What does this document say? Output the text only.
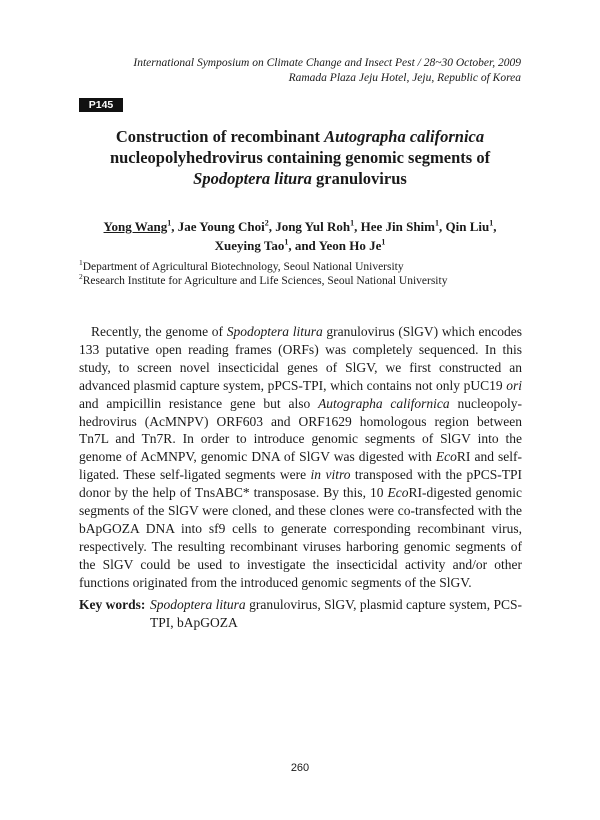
International Symposium on Climate Change and Insect Pest / 28~30 October, 2009
Ramada Plaza Jeju Hotel, Jeju, Republic of Korea
P145
Construction of recombinant Autographa californica
nucleopolyhedrovirus containing genomic segments of
Spodoptera litura granulovirus
Yong Wang$^1$, Jae Young Choi$^2$, Jong Yul Roh$^1$, Hee Jin Shim$^1$, Qin Liu$^1$,
Xueying Tao$^1$, and Yeon Ho Je$^1$
$^1$Department of Agricultural Biotechnology, Seoul National University
$^2$Research Institute for Agriculture and Life Sciences, Seoul National University

Recently, the genome of Spodoptera litura granulovirus (SlGV) which encodes 133 putative open reading frames (ORFs) was completely sequenced. In this study, to screen novel insecticidal genes of SlGV, we first constructed an advanced plasmid capture system, pPCS-TPI, which contains not only pUC19 ori and ampicillin resistance gene but also Autographa californica nucleopoly-hedrovirus (AcMNPV) ORF603 and ORF1629 homologous region between Tn7L and Tn7R. In order to introduce genomic segments of SlGV into the genome of AcMNPV, genomic DNA of SlGV was digested with EcoRI and self-ligated. These self-ligated segments were in vitro transposed with the pPCS-TPI donor by the help of TnsABC* transposase. By this, 10 EcoRI-digested genomic segments of the SlGV were cloned, and these clones were co-transfected with the bApGOZA DNA into sf9 cells to generate corresponding recombinant virus, respectively. The resulting recombinant viruses harboring genomic segments of the SlGV could be used to investigate the insecticidal activity and/or other functions originated from the introduced genomic segments of the SlGV.

Key words: Spodoptera litura granulovirus, SlGV, plasmid capture system, PCS-TPI, bApGOZA
260
